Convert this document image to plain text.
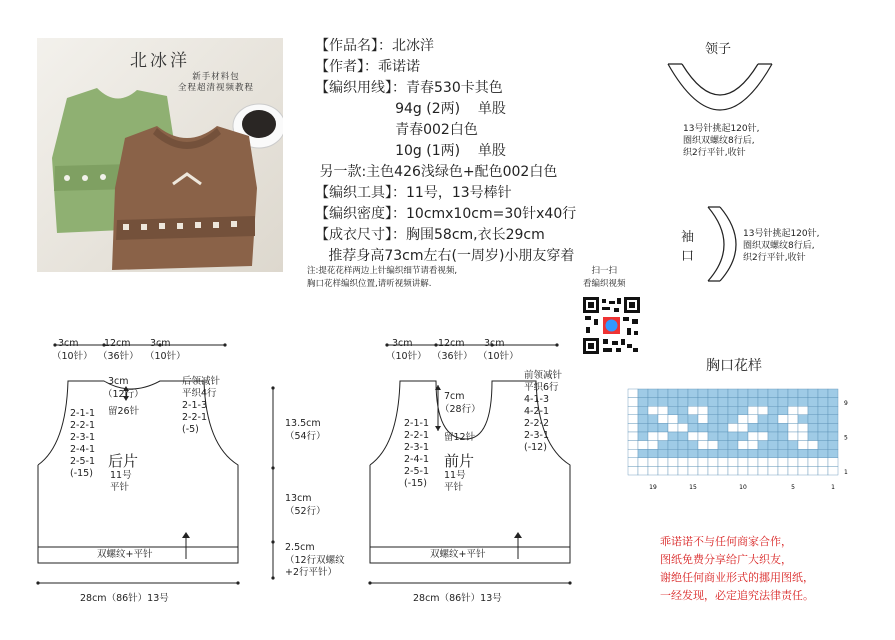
北冰洋
新手材料包
全程超清视频教程
【作品名】：北冰洋
【作者】：乖诺诺
【编织用线】：青春530卡其色
94g (2两)    单股
青春002白色
10g (1两)    单股
另一款:主色426浅绿色+配色002白色
【编织工具】：11号，13号棒针
【编织密度】：10cmx10cm=30针x40行
【成衣尺寸】：胸围58cm,衣长29cm
推荐身高73cm左右(一周岁)小朋友穿着
注:提花花样两边上针编织细节请看视频,
胸口花样编织位置,请听视频讲解.
扫一扫
看编织视频
领子
13号针挑起120针,
圈织双螺纹8行后,
织2行平针,收针
袖
口
13号针挑起120针,
圈织双螺纹8行后,
织2行平针,收针
3cm
（10针）
12cm
（36针）
3cm
（10针）
3cm
（12行）
留26针
后领减针
平织4行
2-1-3
2-2-1
(-5)
2-1-1
2-2-1
2-3-1
2-4-1
2-5-1
(-15)
后片
11号
平针
双螺纹+平针
28cm（86针）13号
13.5cm
（54行）
13cm
（52行）
2.5cm
（12行双螺纹
+2行平针）
3cm
（10针）
12cm
（36针）
3cm
（10针）
7cm
（28行）
留12针
前领减针
平织6行
4-1-3
4-2-1
2-2-2
2-3-1
(-12)
2-1-1
2-2-1
2-3-1
2-4-1
2-5-1
(-15)
前片
11号
平针
双螺纹+平针
28cm（86针）13号
胸口花样
19	15	10	5	1
9
5
1
乖诺诺不与任何商家合作，
图纸免费分享给广大织友，
谢绝任何商业形式的挪用图纸，
一经发现，必定追究法律责任。
